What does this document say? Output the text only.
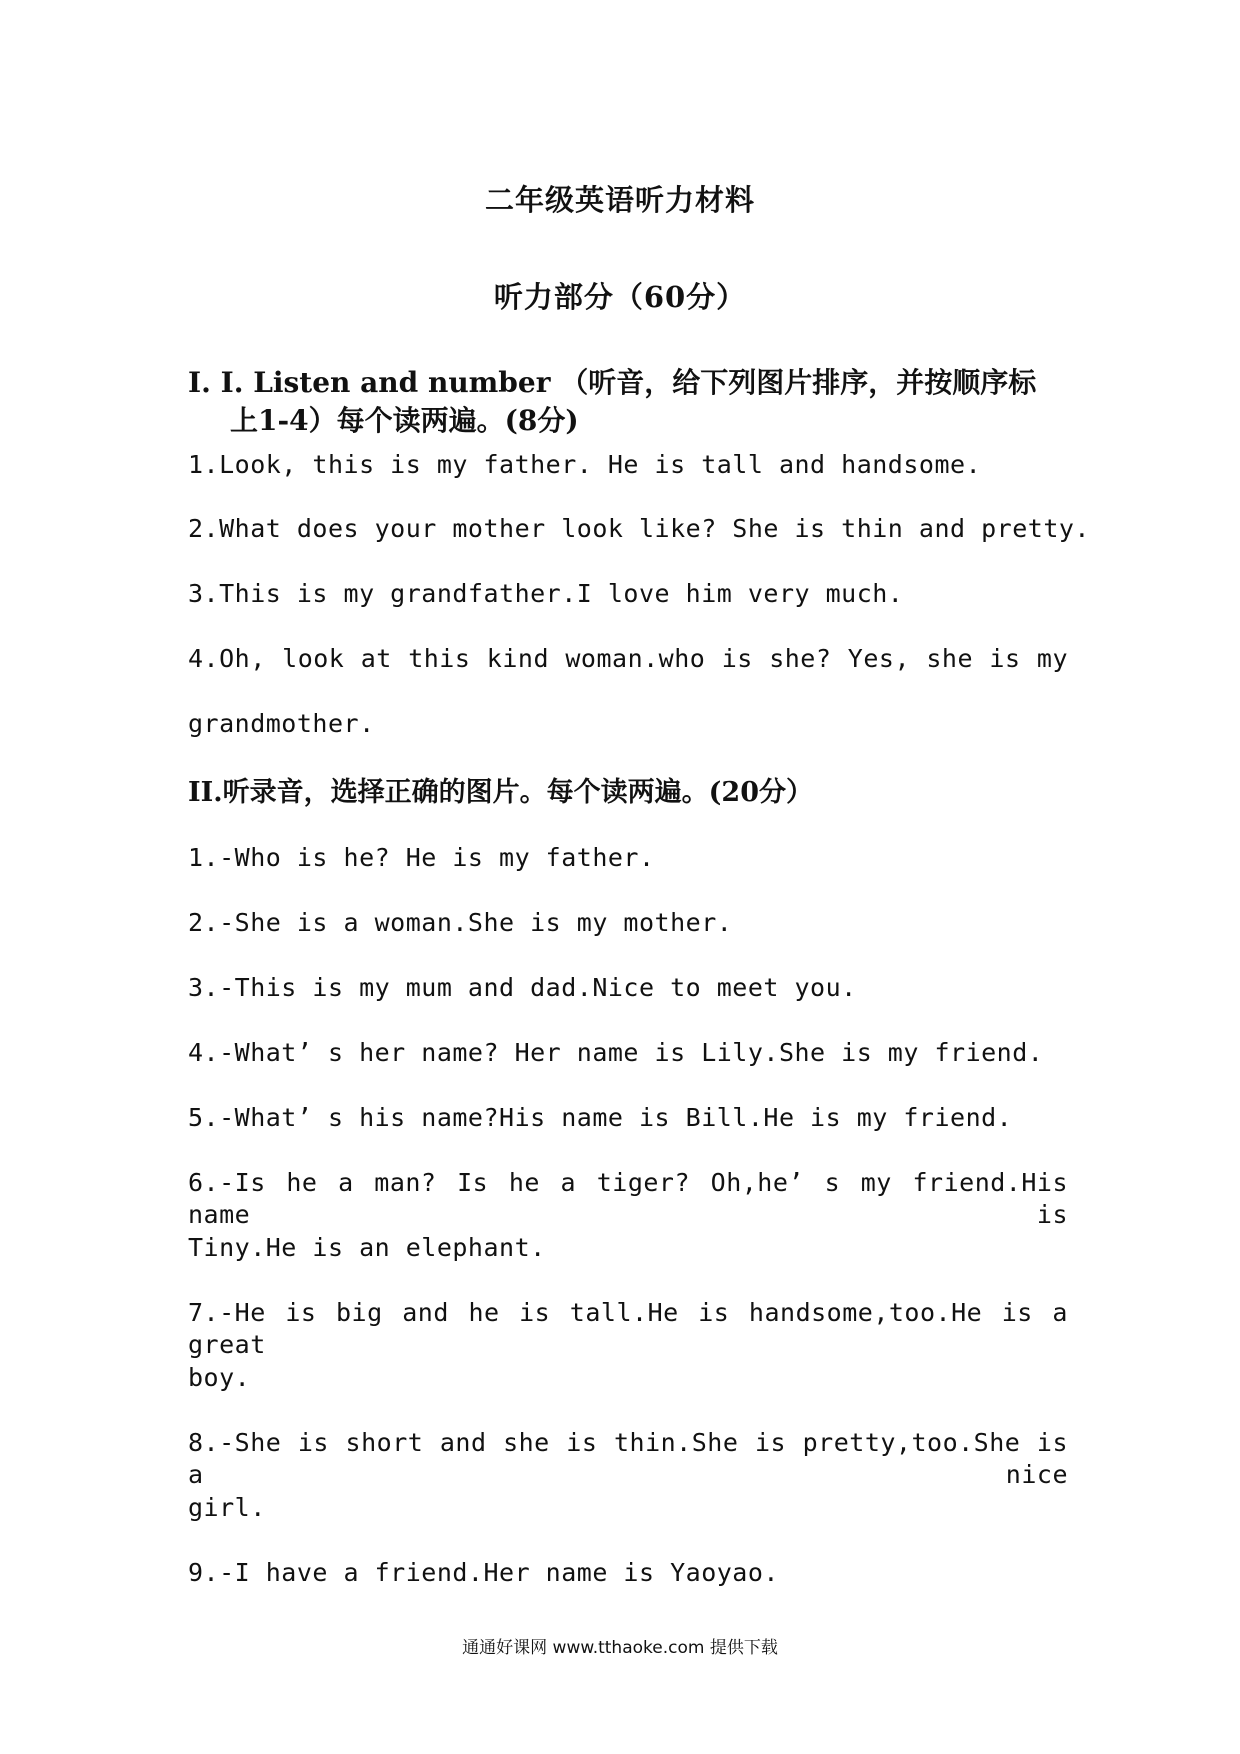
二年级英语听力材料
听力部分（60分）
I. I. Listen and number （听音，给下列图片排序，并按顺序标
上1-4）每个读两遍。(8分)
1.Look, this is my father. He is tall and handsome.
2.What does your mother look like? She is thin and pretty.
3.This is my grandfather.I love him very much.
4.Oh, look at this kind woman.who is she? Yes, she is my
grandmother.
II.听录音，选择正确的图片。每个读两遍。(20分）
1.-Who is he? He is my father.
2.-She is a woman.She is my mother.
3.-This is my mum and dad.Nice to meet you.
4.-What’ s her name? Her name is Lily.She is my friend.
5.-What’ s his name?His name is Bill.He is my friend.
6.-Is he a man? Is he a tiger? Oh,he’ s my friend.His name is
Tiny.He is an elephant.
7.-He is big and he is tall.He is handsome,too.He is a great
boy.
8.-She is short and she is thin.She is pretty,too.She is a nice
girl.
9.-I have a friend.Her name is Yaoyao.
通通好课网 www.tthaoke.com 提供下载
